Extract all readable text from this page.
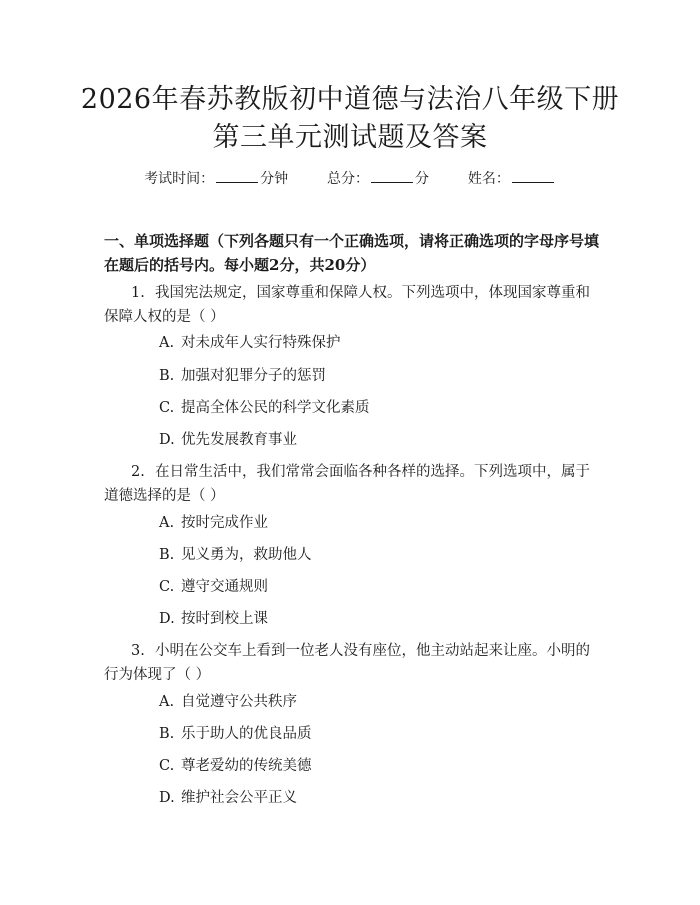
2026年春苏教版初中道德与法治八年级下册
第三单元测试题及答案
考试时间：	分钟	总分：	分	姓名：
一、单项选择题（下列各题只有一个正确选项，请将正确选项的字母序号填在题后的括号内。每小题2分，共20分）
1. 我国宪法规定，国家尊重和保障人权。下列选项中，体现国家尊重和保障人权的是（ ）
A. 对未成年人实行特殊保护
B. 加强对犯罪分子的惩罚
C. 提高全体公民的科学文化素质
D. 优先发展教育事业
2. 在日常生活中，我们常常会面临各种各样的选择。下列选项中，属于道德选择的是（ ）
A. 按时完成作业
B. 见义勇为，救助他人
C. 遵守交通规则
D. 按时到校上课
3. 小明在公交车上看到一位老人没有座位，他主动站起来让座。小明的行为体现了（ ）
A. 自觉遵守公共秩序
B. 乐于助人的优良品质
C. 尊老爱幼的传统美德
D. 维护社会公平正义
